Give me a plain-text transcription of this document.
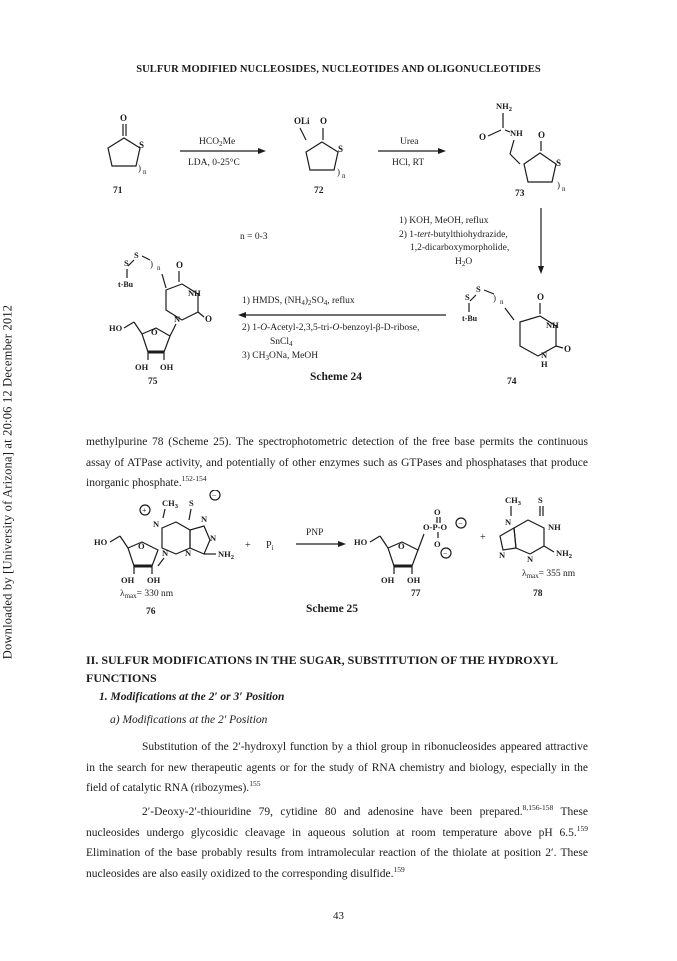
Downloaded by [University of Arizona] at 20:06 12 December 2012
SULFUR MODIFIED NUCLEOSIDES, NUCLEOTIDES AND OLIGONUCLEOTIDES
O
S
) n
71
$HCO_2Me$
LDA, 0-25°C
OLi O
S
) n
72
Urea
HCl, RT
$NH_2$
O	NH O
S
) n
73
n = 0-3
1) KOH, MeOH, reflux
2) 1-tert-butylthiohydrazide,
1,2-dicarboxymorpholide,
$H_2O$
S
S
t-Bu
) n	O
NH
N
H
O
74
1) HMDS, $(NH_4)_2SO_4$, reflux
2) 1-O-Acetyl-2,3,5-tri-O-benzoyl-β-D-ribose,
SnCl$_4$
3) $CH_3ONa$, MeOH
S
S
t-Bu
) n O
NH
N	O
HO	O
OH OH
75	Scheme 24
methylpurine 78 (Scheme 25). The spectrophotometric detection of the free base permits the continuous assay of ATPase activity, and potentially of other enzymes such as GTPases and phosphatases that produce inorganic phosphate.$^{152-154}$
$CH_3$ S
−
+
N	N
N
N
N	$NH_2$
HO	O
OH OH
$\lambda_{max}= 330$ nm
76
+ $P_i$
PNP
O
O-P-O −
O
−
HO	O
OH OH
77
+
$CH_3$ S
N	NH
N	N
$NH_2$
$\lambda_{max}= 355$ nm
78
Scheme 25
II. SULFUR MODIFICATIONS IN THE SUGAR, SUBSTITUTION OF THE HYDROXYL FUNCTIONS
1. Modifications at the 2′ or 3′ Position
a) Modifications at the 2′ Position
Substitution of the 2′-hydroxyl function by a thiol group in ribonucleosides appeared attractive in the search for new therapeutic agents or for the study of RNA chemistry and biology, especially in the field of catalytic RNA (ribozymes).$^{155}$
2′-Deoxy-2′-thiouridine 79, cytidine 80 and adenosine have been prepared.$^{8,156-158}$ These nucleosides undergo glycosidic cleavage in aqueous solution at room temperature above pH 6.5.$^{159}$ Elimination of the base probably results from intramolecular reaction of the thiolate at position 2′. These nucleosides are also easily oxidized to the corresponding disulfide.$^{159}$
43
